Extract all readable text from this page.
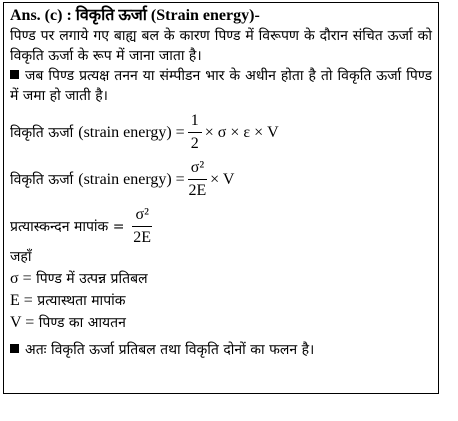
Ans. (c) : विकृति ऊर्जा (Strain energy)-

पिण्ड पर लगाये गए बाह्य बल के कारण पिण्ड में विरूपण के दौरान संचित ऊर्जा को विकृति ऊर्जा के रूप में जाना जाता है।

जब पिण्ड प्रत्यक्ष तनन या संम्पीडन भार के अधीन होता है तो विकृति ऊर्जा पिण्ड में जमा हो जाती है।

विकृति ऊर्जा (strain energy) = $\frac{1}{2} \times \sigma \times \varepsilon \times V$
विकृति ऊर्जा (strain energy) = $\frac{\text{σ²}}{2E} \times V$
प्रत्यास्कन्दन मापांक = $\frac{\text{σ²}}{2E}$

जहाँ

σ = पिण्ड में उत्पन्न प्रतिबल

E = प्रत्यास्थता मापांक

V = पिण्ड का आयतन

अतः विकृति ऊर्जा प्रतिबल तथा विकृति दोनों का फलन है।
